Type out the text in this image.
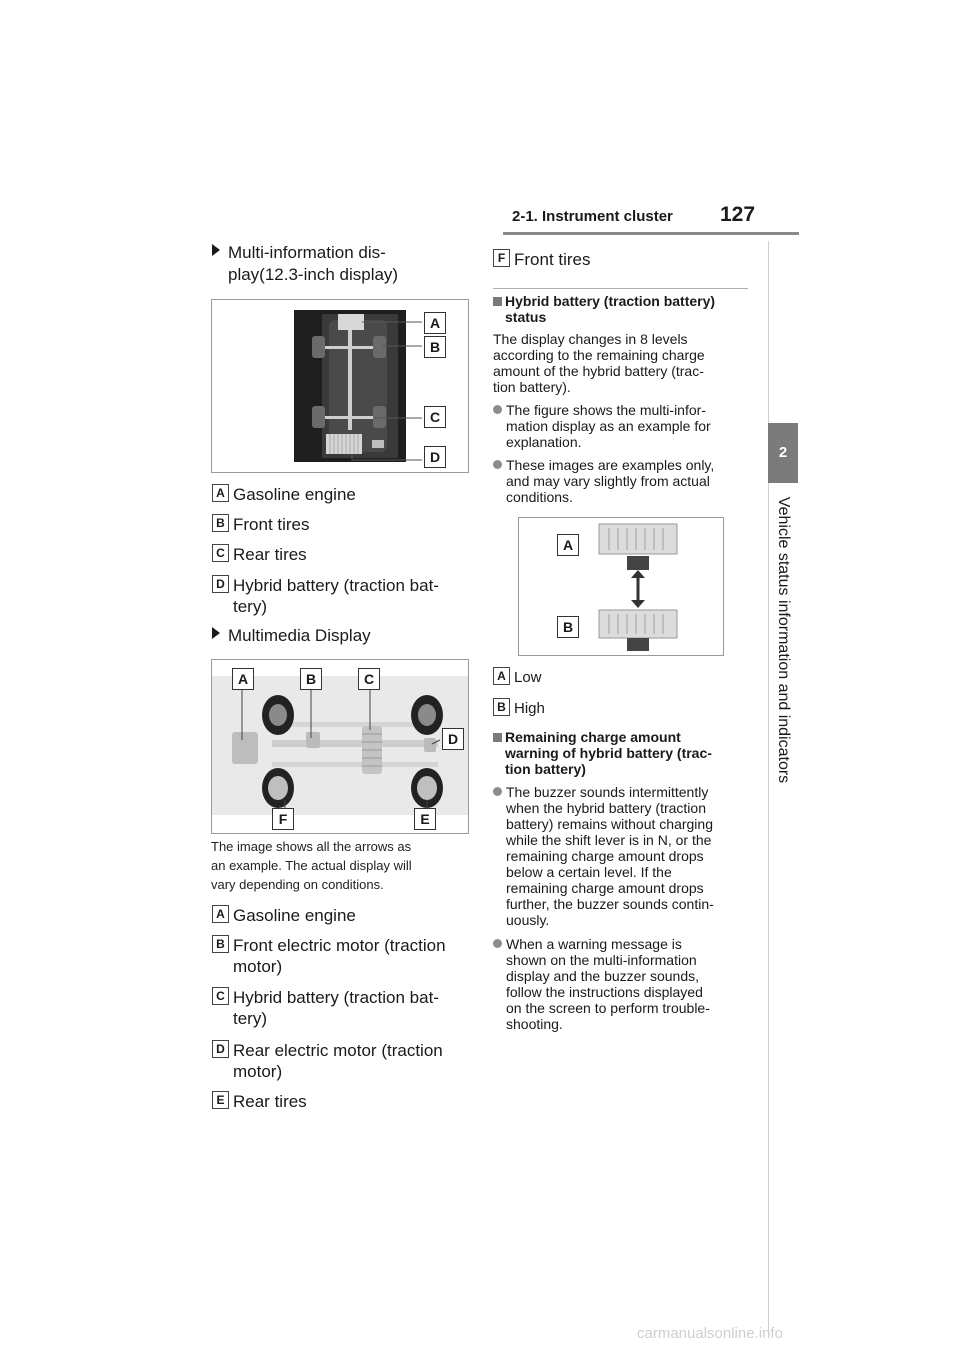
2-1. Instrument cluster 127
2
Vehicle status information and indicators
Multi-information dis-
play(12.3-inch display)
A
B
C
D
A Gasoline engine
B Front tires
C Rear tires
D Hybrid battery (traction bat-
tery)
Multimedia Display
A	B	C
D
F	E
The image shows all the arrows as
an example. The actual display will
vary depending on conditions.
A Gasoline engine
B Front electric motor (traction
motor)
C Hybrid battery (traction bat-
tery)
D Rear electric motor (traction
motor)
E Rear tires
F Front tires
Hybrid battery (traction battery)
status
The display changes in 8 levels
according to the remaining charge
amount of the hybrid battery (trac-
tion battery).
The figure shows the multi-infor-
mation display as an example for
explanation.
These images are examples only,
and may vary slightly from actual
conditions.
A
B
A Low
B High
Remaining charge amount
warning of hybrid battery (trac-
tion battery)
The buzzer sounds intermittently
when the hybrid battery (traction
battery) remains without charging
while the shift lever is in N, or the
remaining charge amount drops
below a certain level. If the
remaining charge amount drops
further, the buzzer sounds contin-
uously.
When a warning message is
shown on the multi-information
display and the buzzer sounds,
follow the instructions displayed
on the screen to perform trouble-
shooting.
carmanualsonline.info
